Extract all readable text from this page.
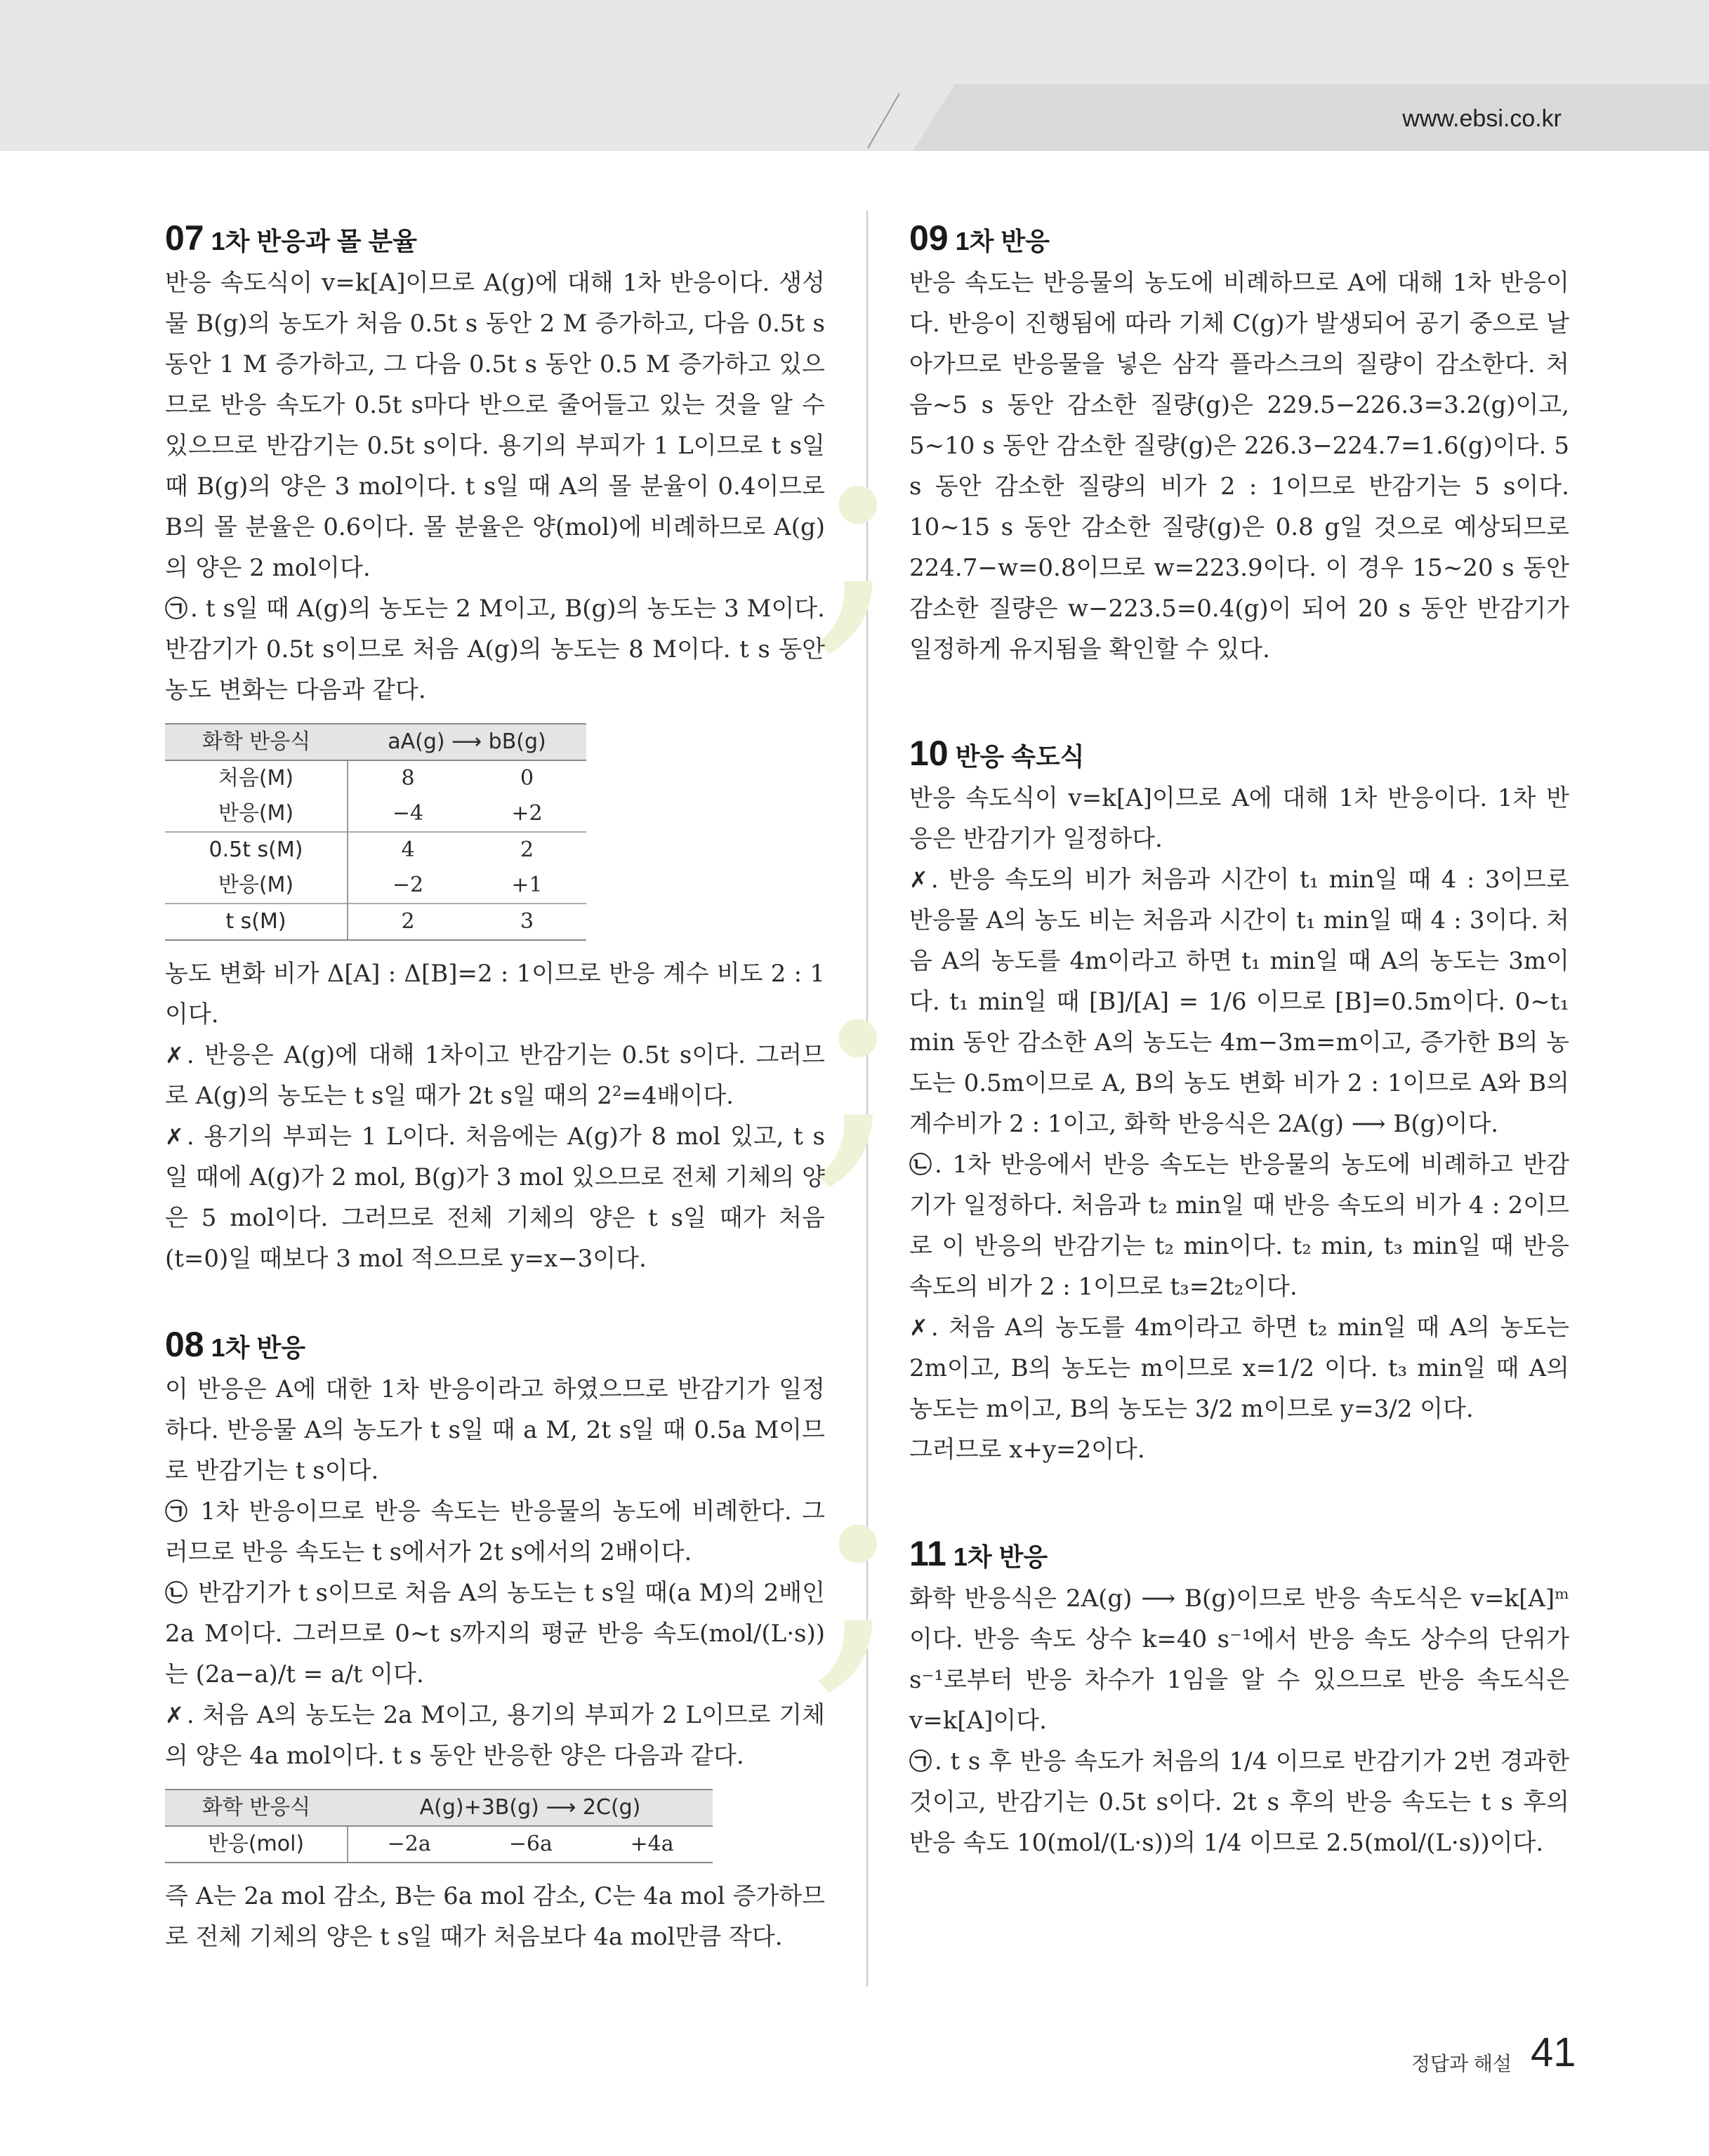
www.ebsi.co.kr
;
;
;
07 1차 반응과 몰 분율

반응 속도식이 v=k[A]이므로 A(g)에 대해 1차 반응이다. 생성물 B(g)의 농도가 처음 0.5t s 동안 2 M 증가하고, 다음 0.5t s 동안 1 M 증가하고, 그 다음 0.5t s 동안 0.5 M 증가하고 있으므로 반응 속도가 0.5t s마다 반으로 줄어들고 있는 것을 알 수 있으므로 반감기는 0.5t s이다. 용기의 부피가 1 L이므로 t s일 때 B(g)의 양은 3 mol이다. t s일 때 A의 몰 분율이 0.4이므로 B의 몰 분율은 0.6이다. 몰 분율은 양(mol)에 비례하므로 A(g)의 양은 2 mol이다.

㉠ . t s일 때 A(g)의 농도는 2 M이고, B(g)의 농도는 3 M이다. 반감기가 0.5t s이므로 처음 A(g)의 농도는 8 M이다. t s 동안 농도 변화는 다음과 같다.

화학 반응식	aA(g) ⟶ bB(g)	
처음(M)	8	0
반응(M)	−4	+2
0.5t s(M)	4	2
반응(M)	−2	+1
t s(M)	2	3

농도 변화 비가 Δ[A] : Δ[B]=2 : 1이므로 반응 계수 비도 2 : 1이다.

✗ . 반응은 A(g)에 대해 1차이고 반감기는 0.5t s이다. 그러므로 A(g)의 농도는 t s일 때가 2t s일 때의 2²=4배이다.

✗ . 용기의 부피는 1 L이다. 처음에는 A(g)가 8 mol 있고, t s일 때에 A(g)가 2 mol, B(g)가 3 mol 있으므로 전체 기체의 양은 5 mol이다. 그러므로 전체 기체의 양은 t s일 때가 처음(t=0)일 때보다 3 mol 적으므로 y=x−3이다.

08 1차 반응

이 반응은 A에 대한 1차 반응이라고 하였으므로 반감기가 일정하다. 반응물 A의 농도가 t s일 때 a M, 2t s일 때 0.5a M이므로 반감기는 t s이다.

㉠ 1차 반응이므로 반응 속도는 반응물의 농도에 비례한다. 그러므로 반응 속도는 t s에서가 2t s에서의 2배이다.

㉡ 반감기가 t s이므로 처음 A의 농도는 t s일 때(a M)의 2배인 2a M이다. 그러므로 0~t s까지의 평균 반응 속도(mol/(L·s))는 (2a−a)/t = a/t 이다.

✗ . 처음 A의 농도는 2a M이고, 용기의 부피가 2 L이므로 기체의 양은 4a mol이다. t s 동안 반응한 양은 다음과 같다.

화학 반응식	A(g)+3B(g) ⟶ 2C(g)		
반응(mol)	−2a	−6a	+4a

즉 A는 2a mol 감소, B는 6a mol 감소, C는 4a mol 증가하므로 전체 기체의 양은 t s일 때가 처음보다 4a mol만큼 작다.

09 1차 반응

반응 속도는 반응물의 농도에 비례하므로 A에 대해 1차 반응이다. 반응이 진행됨에 따라 기체 C(g)가 발생되어 공기 중으로 날아가므로 반응물을 넣은 삼각 플라스크의 질량이 감소한다. 처음~5 s 동안 감소한 질량(g)은 229.5−226.3=3.2(g)이고, 5~10 s 동안 감소한 질량(g)은 226.3−224.7=1.6(g)이다. 5 s 동안 감소한 질량의 비가 2 : 1이므로 반감기는 5 s이다. 10~15 s 동안 감소한 질량(g)은 0.8 g일 것으로 예상되므로 224.7−w=0.8이므로 w=223.9이다. 이 경우 15~20 s 동안 감소한 질량은 w−223.5=0.4(g)이 되어 20 s 동안 반감기가 일정하게 유지됨을 확인할 수 있다.

10 반응 속도식

반응 속도식이 v=k[A]이므로 A에 대해 1차 반응이다. 1차 반응은 반감기가 일정하다.

✗ . 반응 속도의 비가 처음과 시간이 t₁ min일 때 4 : 3이므로 반응물 A의 농도 비는 처음과 시간이 t₁ min일 때 4 : 3이다. 처음 A의 농도를 4m이라고 하면 t₁ min일 때 A의 농도는 3m이다. t₁ min일 때 [B]/[A] = 1/6 이므로 [B]=0.5m이다. 0~t₁ min 동안 감소한 A의 농도는 4m−3m=m이고, 증가한 B의 농도는 0.5m이므로 A, B의 농도 변화 비가 2 : 1이므로 A와 B의 계수비가 2 : 1이고, 화학 반응식은 2A(g) ⟶ B(g)이다.

㉡ . 1차 반응에서 반응 속도는 반응물의 농도에 비례하고 반감기가 일정하다. 처음과 t₂ min일 때 반응 속도의 비가 4 : 2이므로 이 반응의 반감기는 t₂ min이다. t₂ min, t₃ min일 때 반응 속도의 비가 2 : 1이므로 t₃=2t₂이다.

✗ . 처음 A의 농도를 4m이라고 하면 t₂ min일 때 A의 농도는 2m이고, B의 농도는 m이므로 x=1/2 이다. t₃ min일 때 A의 농도는 m이고, B의 농도는 3/2 m이므로 y=3/2 이다.

그러므로 x+y=2이다.

11 1차 반응

화학 반응식은 2A(g) ⟶ B(g)이므로 반응 속도식은 v=k[A]ᵐ이다. 반응 속도 상수 k=40 s⁻¹에서 반응 속도 상수의 단위가 s⁻¹로부터 반응 차수가 1임을 알 수 있으므로 반응 속도식은 v=k[A]이다.

㉠ . t s 후 반응 속도가 처음의 1/4 이므로 반감기가 2번 경과한 것이고, 반감기는 0.5t s이다. 2t s 후의 반응 속도는 t s 후의 반응 속도 10(mol/(L·s))의 1/4 이므로 2.5(mol/(L·s))이다.

정답과 해설 41
